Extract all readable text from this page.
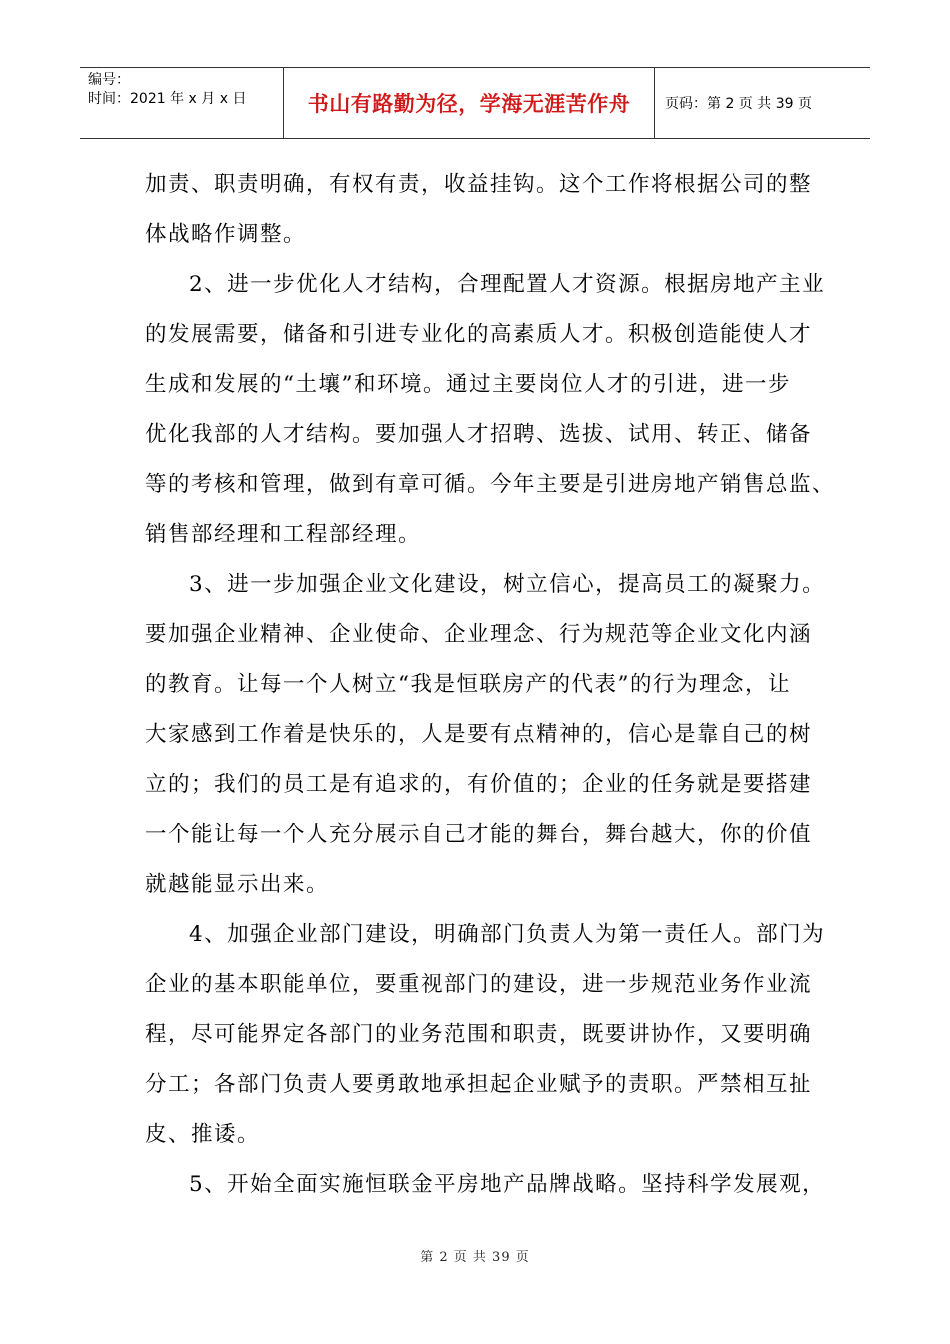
编号：
时间：2021 年 x 月 x 日	书山有路勤为径，学海无涯苦作舟 页码：第 2 页 共 39 页
加责、职责明确，有权有责，收益挂钩。这个工作将根据公司的整
体战略作调整。
2、进一步优化人才结构，合理配置人才资源。根据房地产主业
的发展需要，储备和引进专业化的高素质人才。积极创造能使人才
生成和发展的“土壤”和环境。通过主要岗位人才的引进，进一步
优化我部的人才结构。要加强人才招聘、选拔、试用、转正、储备
等的考核和管理，做到有章可循。今年主要是引进房地产销售总监、
销售部经理和工程部经理。
3、进一步加强企业文化建设，树立信心，提高员工的凝聚力。
要加强企业精神、企业使命、企业理念、行为规范等企业文化内涵
的教育。让每一个人树立“我是恒联房产的代表”的行为理念，让
大家感到工作着是快乐的，人是要有点精神的，信心是靠自己的树
立的；我们的员工是有追求的，有价值的；企业的任务就是要搭建
一个能让每一个人充分展示自己才能的舞台，舞台越大，你的价值
就越能显示出来。
4、加强企业部门建设，明确部门负责人为第一责任人。部门为
企业的基本职能单位，要重视部门的建设，进一步规范业务作业流
程，尽可能界定各部门的业务范围和职责，既要讲协作，又要明确
分工；各部门负责人要勇敢地承担起企业赋予的责职。严禁相互扯
皮、推诿。
5、开始全面实施恒联金平房地产品牌战略。坚持科学发展观，
第 2 页 共 39 页
